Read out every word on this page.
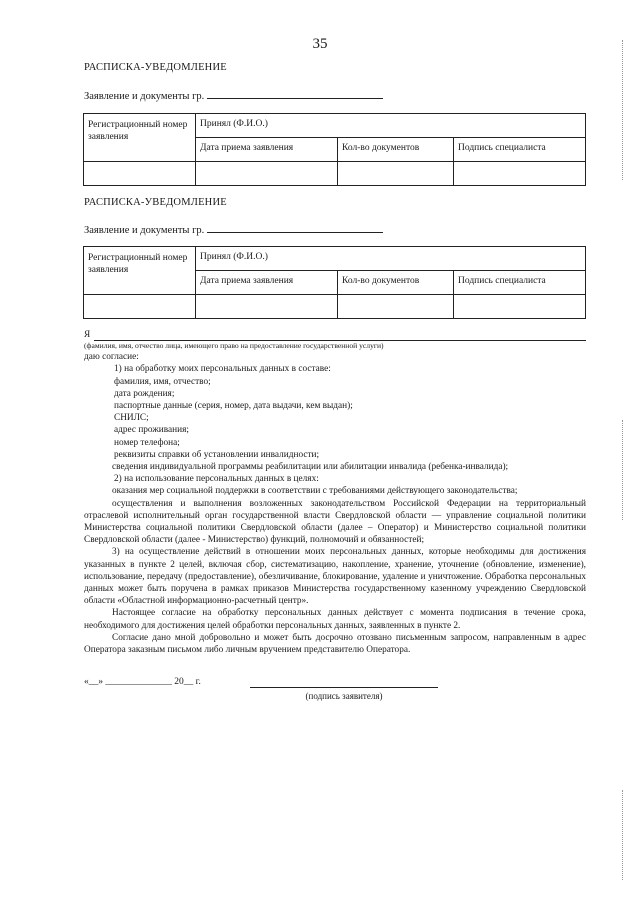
35
РАСПИСКА-УВЕДОМЛЕНИЕ
Заявление и документы гр.
Регистрационный номер заявления	Принял (Ф.И.О.)		
	Дата приема заявления	Кол-во документов	Подпись специалиста

РАСПИСКА-УВЕДОМЛЕНИЕ
Заявление и документы гр.
Регистрационный номер заявления	Принял (Ф.И.О.)		
	Дата приема заявления	Кол-во документов	Подпись специалиста

Я

(фамилия, имя, отчество лица, имеющего право на предоставление государственной услуги)

даю согласие:

1) на обработку моих персональных данных в составе:

фамилия, имя, отчество;

дата рождения;

паспортные данные (серия, номер, дата выдачи, кем выдан);

СНИЛС;

адрес проживания;

номер телефона;

реквизиты справки об установлении инвалидности;

сведения индивидуальной программы реабилитации или абилитации инвалида (ребенка-инвалида);

2) на использование персональных данных в целях:

оказания мер социальной поддержки в соответствии с требованиями действующего законодательства;

осуществления и выполнения возложенных законодательством Российской Федерации на территориальный отраслевой исполнительный орган государственной власти Свердловской области — управление социальной политики Министерства социальной политики Свердловской области (далее – Оператор) и Министерство социальной политики Свердловской области (далее - Министерство) функций, полномочий и обязанностей;

3) на осуществление действий в отношении моих персональных данных, которые необходимы для достижения указанных в пункте 2 целей, включая сбор, систематизацию, накопление, хранение, уточнение (обновление, изменение), использование, передачу (предоставление), обезличивание, блокирование, удаление и уничтожение. Обработка персональных данных может быть поручена в рамках приказов Министерства государственному казенному учреждению Свердловской области «Областной информационно-расчетный центр».

Настоящее согласие на обработку персональных данных действует с момента подписания в течение срока, необходимого для достижения целей обработки персональных данных, заявленных в пункте 2.

Согласие дано мной добровольно и может быть досрочно отозвано письменным запросом, направленным в адрес Оператора заказным письмом либо личным вручением представителю Оператора.

«__» ______________ 20__ г.
(подпись заявителя)
